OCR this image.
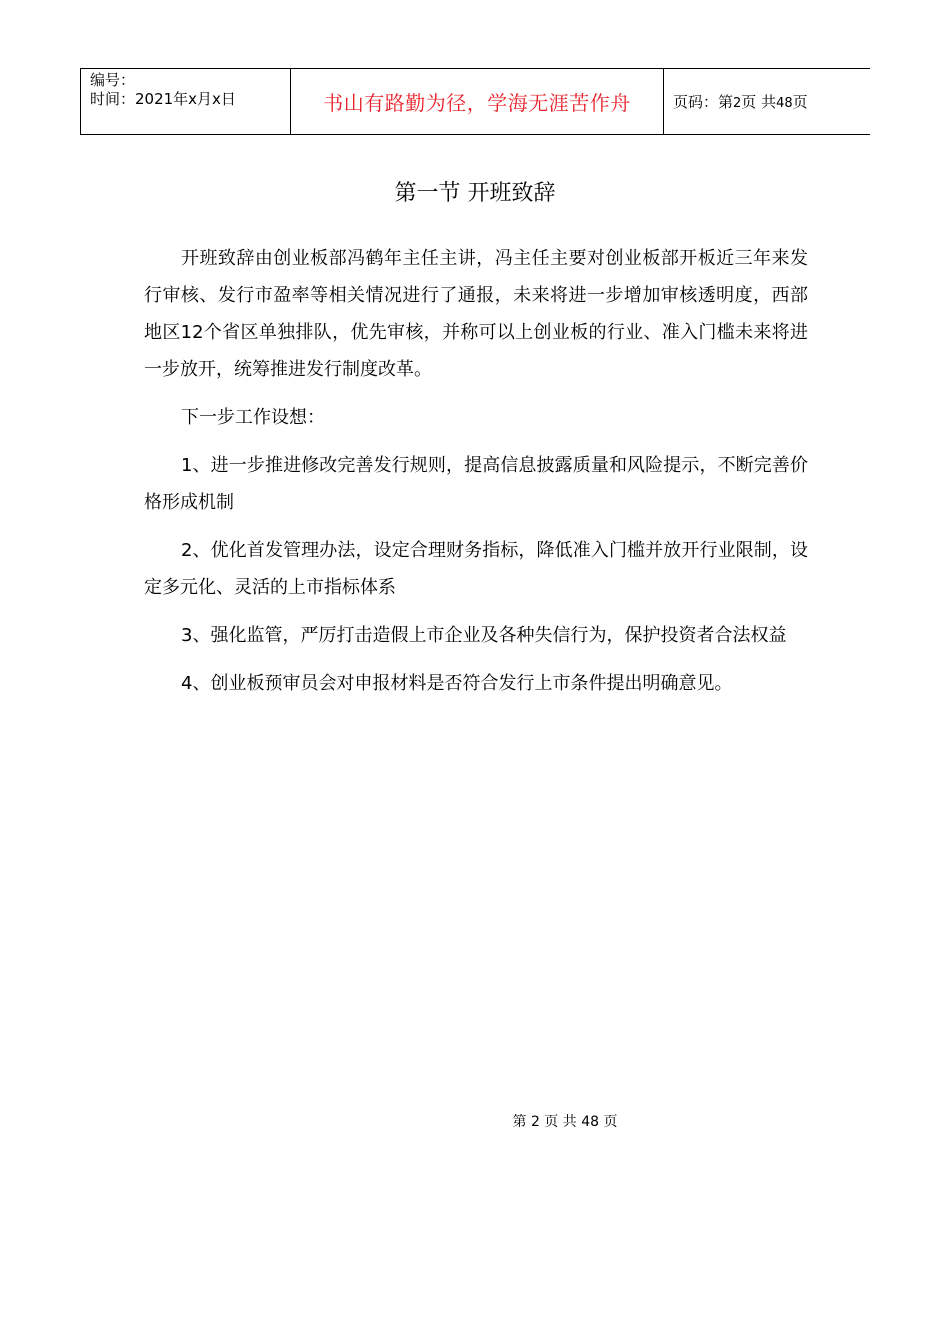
编号：
时间：2021年x月x日	书山有路勤为径，学海无涯苦作舟	页码：第2页 共48页
第一节 开班致辞

开班致辞由创业板部冯鹤年主任主讲，冯主任主要对创业板部开板近三年来发行审核、发行市盈率等相关情况进行了通报，未来将进一步增加审核透明度，西部地区12个省区单独排队，优先审核，并称可以上创业板的行业、准入门槛未来将进一步放开，统筹推进发行制度改革。

下一步工作设想：

1、进一步推进修改完善发行规则，提高信息披露质量和风险提示，不断完善价格形成机制

2、优化首发管理办法，设定合理财务指标，降低准入门槛并放开行业限制，设定多元化、灵活的上市指标体系

3、强化监管，严厉打击造假上市企业及各种失信行为，保护投资者合法权益

4、创业板预审员会对申报材料是否符合发行上市条件提出明确意见。

第 2 页 共 48 页
